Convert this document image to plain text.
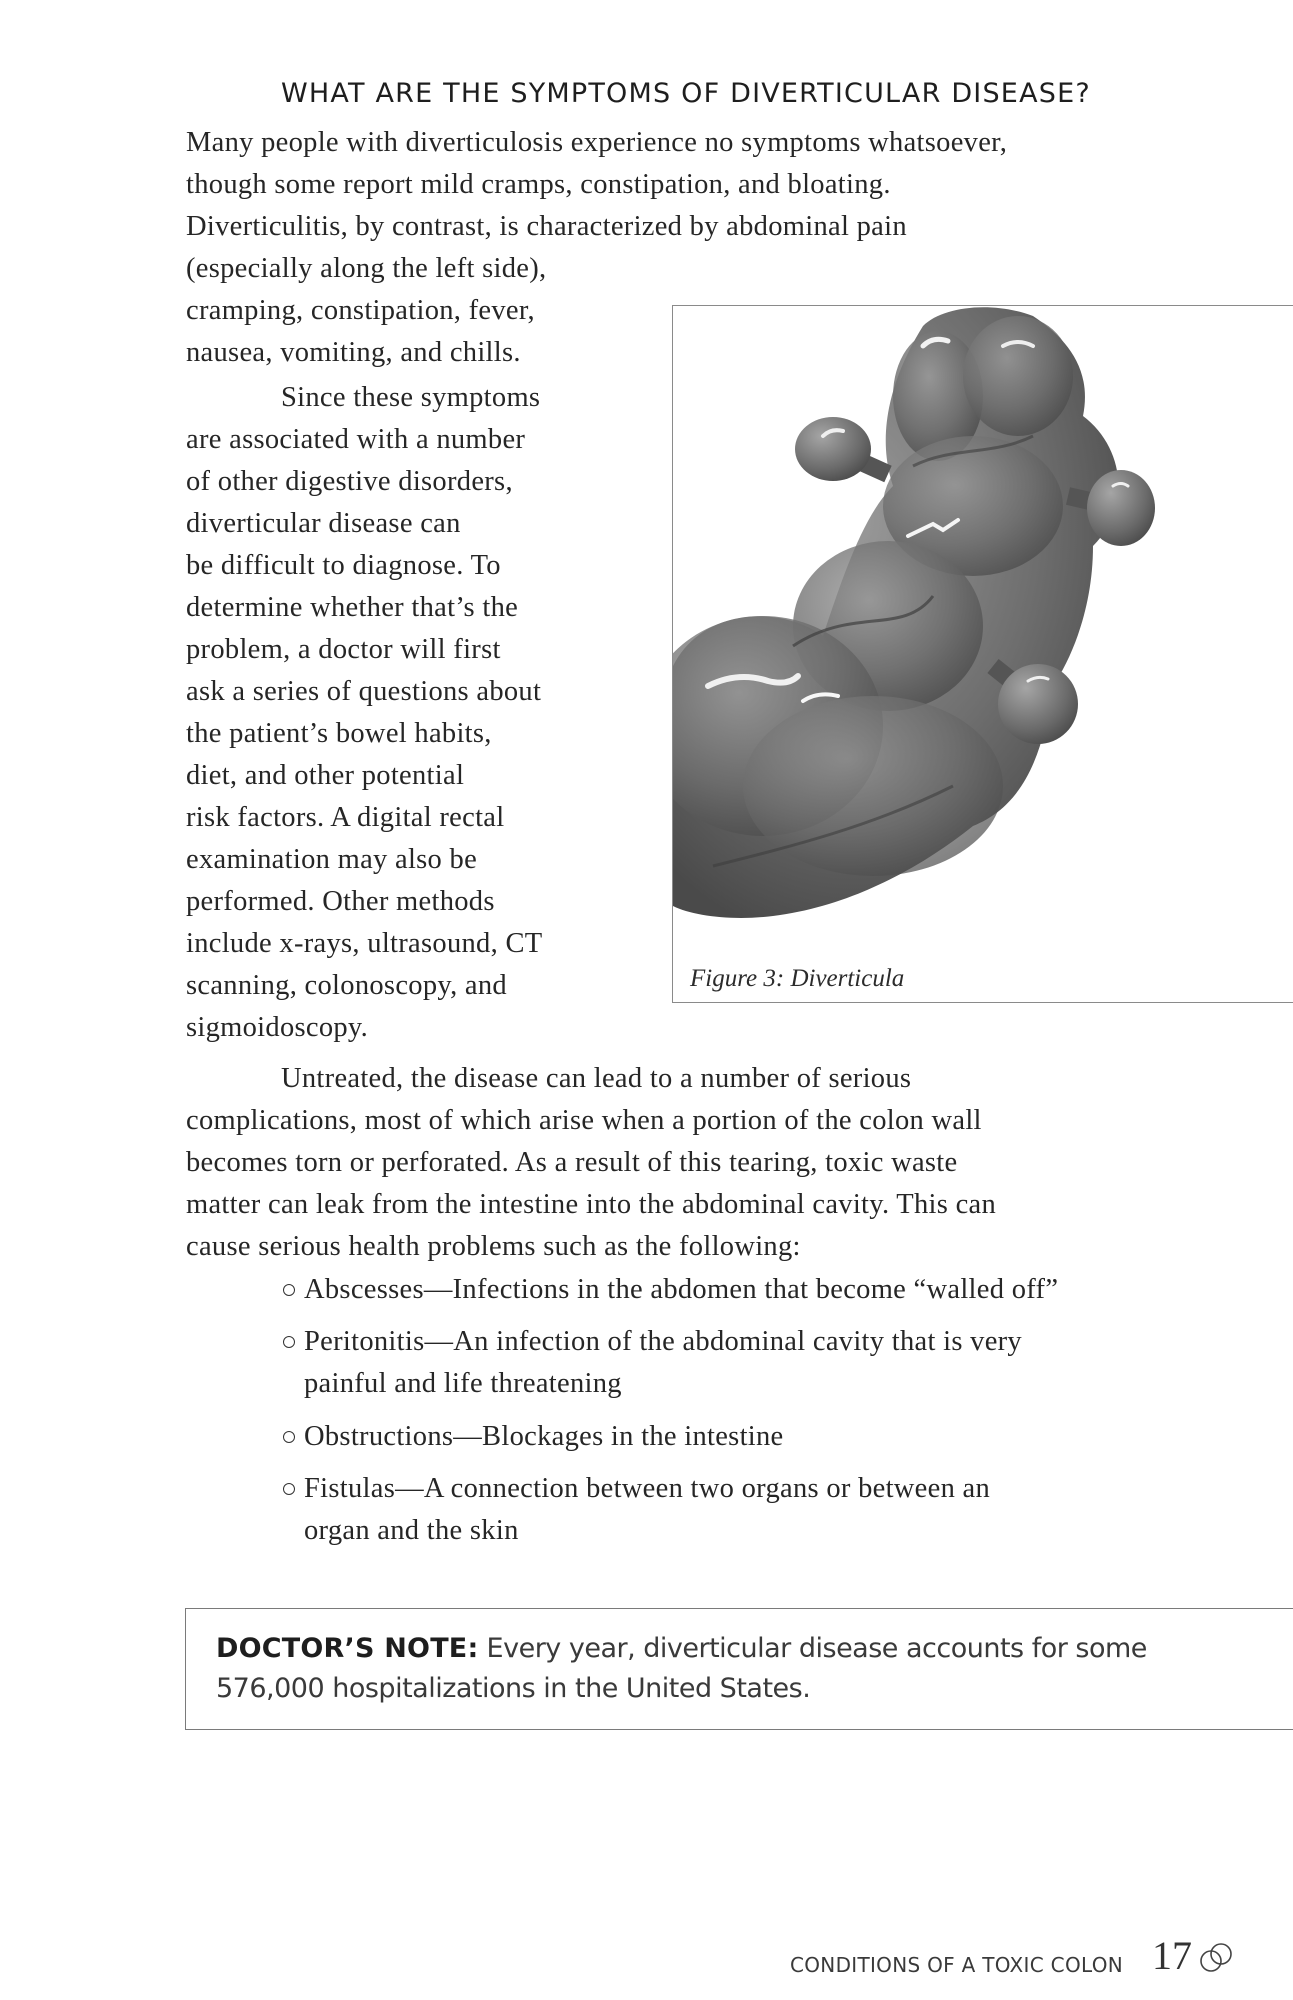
WHAT ARE THE SYMPTOMS OF DIVERTICULAR DISEASE?
Many people with diverticulosis experience no symptoms whatsoever,
though some report mild cramps, constipation, and bloating.
Diverticulitis, by contrast, is characterized by abdominal pain
(especially along the left side),
cramping, constipation, fever,
nausea, vomiting, and chills.
Since these symptoms
are associated with a number
of other digestive disorders,
diverticular disease can
be difficult to diagnose. To
determine whether that’s the
problem, a doctor will first
ask a series of questions about
the patient’s bowel habits,
diet, and other potential
risk factors. A digital rectal
examination may also be
performed. Other methods
include x-rays, ultrasound, CT
scanning, colonoscopy, and
sigmoidoscopy.
Figure 3: Diverticula
Untreated, the disease can lead to a number of serious
complications, most of which arise when a portion of the colon wall
becomes torn or perforated. As a result of this tearing, toxic waste
matter can leak from the intestine into the abdominal cavity. This can
cause serious health problems such as the following:
Abscesses—Infections in the abdomen that become “walled off”
Peritonitis—An infection of the abdominal cavity that is very
painful and life threatening
Obstructions—Blockages in the intestine
Fistulas—A connection between two organs or between an
organ and the skin
DOCTOR’S NOTE: Every year, diverticular disease accounts for some
576,000 hospitalizations in the United States.
CONDITIONS OF A TOXIC COLON 17
